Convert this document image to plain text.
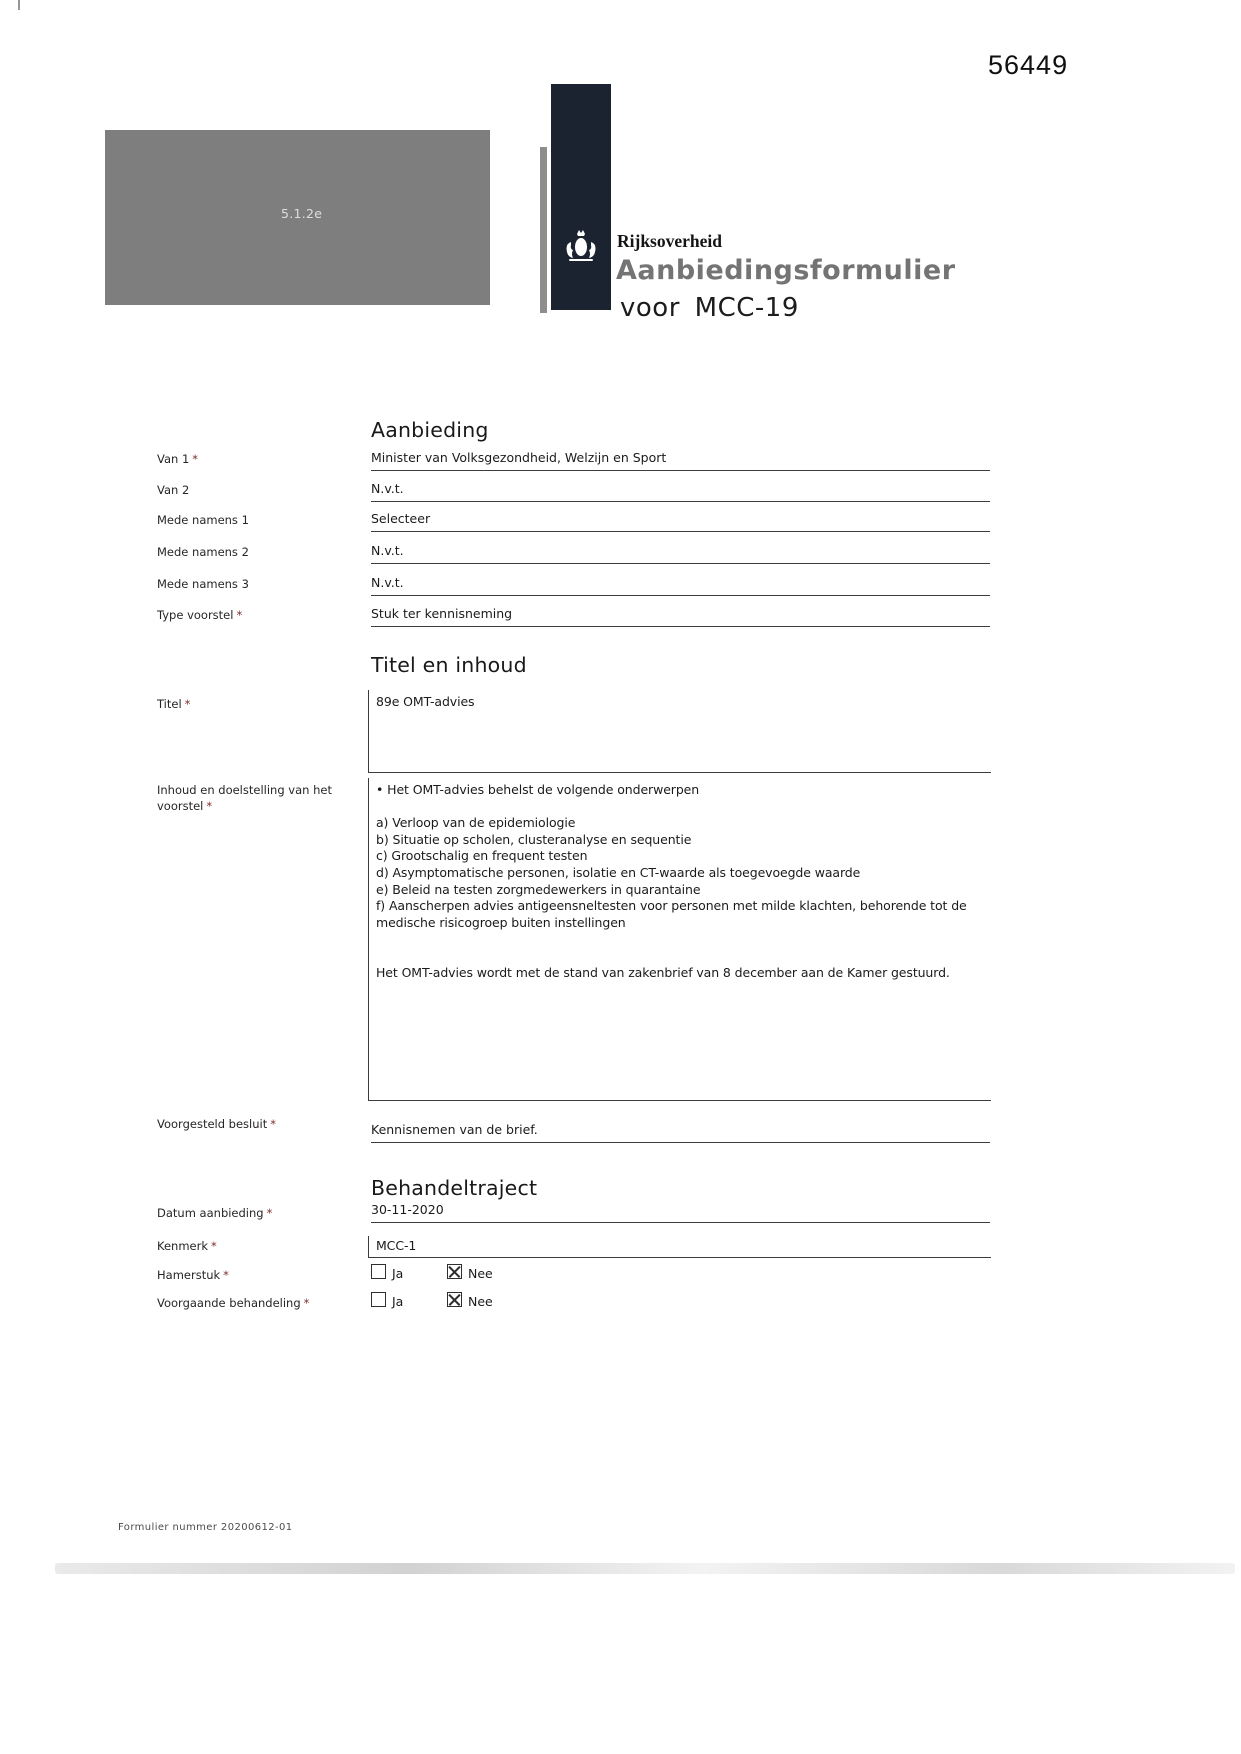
56449
5.1.2e
Rijksoverheid
Aanbiedingsformulier
voor MCC-19
Aanbieding
Van 1 *	Minister van Volksgezondheid, Welzijn en Sport
Van 2	N.v.t.
Mede namens 1	Selecteer
Mede namens 2	N.v.t.
Mede namens 3	N.v.t.
Type voorstel *	Stuk ter kennisneming
Titel en inhoud
Titel *	89e OMT-advies
Inhoud en doelstelling van het
voorstel *
• Het OMT-advies behelst de volgende onderwerpen
a) Verloop van de epidemiologie
b) Situatie op scholen, clusteranalyse en sequentie
c) Grootschalig en frequent testen
d) Asymptomatische personen, isolatie en CT-waarde als toegevoegde waarde
e) Beleid na testen zorgmedewerkers in quarantaine
f) Aanscherpen advies antigeensneltesten voor personen met milde klachten, behorende tot de
medische risicogroep buiten instellingen
Het OMT-advies wordt met de stand van zakenbrief van 8 december aan de Kamer gestuurd.
Voorgesteld besluit *	Kennisnemen van de brief.
Behandeltraject
Datum aanbieding *	30-11-2020
Kenmerk *	MCC-1
Hamerstuk *	Ja	Nee
Voorgaande behandeling *	Ja	Nee
Formulier nummer 20200612-01
